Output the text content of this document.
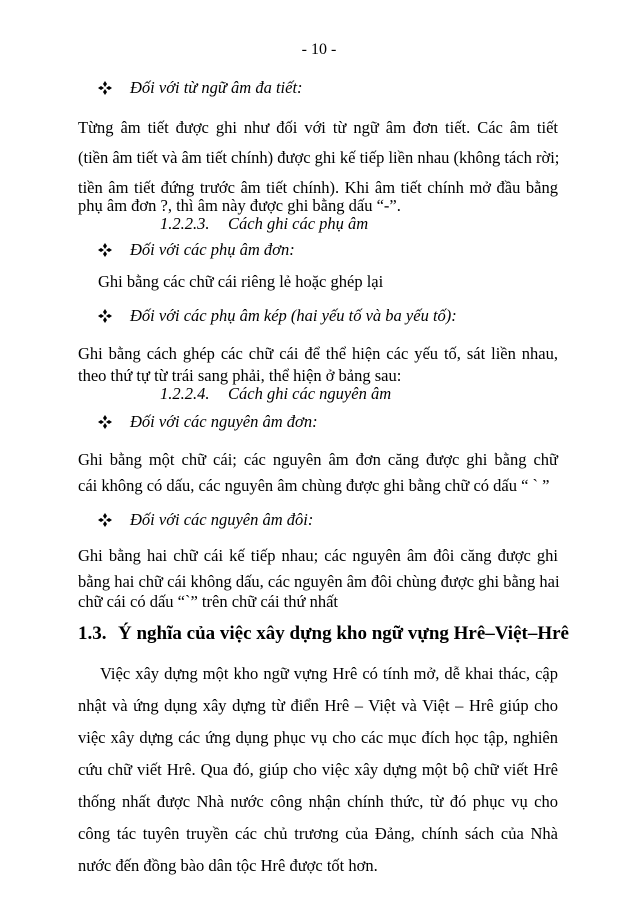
- 10 -
Đối với từ ngữ âm đa tiết:

Từng âm tiết được ghi như đối với từ ngữ âm đơn tiết. Các âm tiết

(tiền âm tiết và âm tiết chính) được ghi kế tiếp liền nhau (không tách rời;

tiền âm tiết đứng trước âm tiết chính). Khi âm tiết chính mở đầu bằng

phụ âm đơn ?, thì âm này được ghi bằng dấu “-”.

1.2.2.3. Cách ghi các phụ âm
Đối với các phụ âm đơn:

Ghi bằng các chữ cái riêng lẻ hoặc ghép lại

Đối với các phụ âm kép (hai yếu tố và ba yếu tố):

Ghi bằng cách ghép các chữ cái để thể hiện các yếu tố, sát liền nhau,

theo thứ tự từ trái sang phải, thể hiện ở bảng sau:

1.2.2.4. Cách ghi các nguyên âm
Đối với các nguyên âm đơn:

Ghi bằng một chữ cái; các nguyên âm đơn căng được ghi bằng chữ

cái không có dấu, các nguyên âm chùng được ghi bằng chữ có dấu “ ` ”

Đối với các nguyên âm đôi:

Ghi bằng hai chữ cái kế tiếp nhau; các nguyên âm đôi căng được ghi

bằng hai chữ cái không dấu, các nguyên âm đôi chùng được ghi bằng hai

chữ cái có dấu “`” trên chữ cái thứ nhất

1.3. Ý nghĩa của việc xây dựng kho ngữ vựng Hrê–Việt–Hrê

Việc xây dựng một kho ngữ vựng Hrê có tính mở, dễ khai thác, cập

nhật và ứng dụng xây dựng từ điển Hrê – Việt và Việt – Hrê giúp cho

việc xây dựng các ứng dụng phục vụ cho các mục đích học tập, nghiên

cứu chữ viết Hrê. Qua đó, giúp cho việc xây dựng một bộ chữ viết Hrê

thống nhất được Nhà nước công nhận chính thức, từ đó phục vụ cho

công tác tuyên truyền các chủ trương của Đảng, chính sách của Nhà

nước đến đồng bào dân tộc Hrê được tốt hơn.
